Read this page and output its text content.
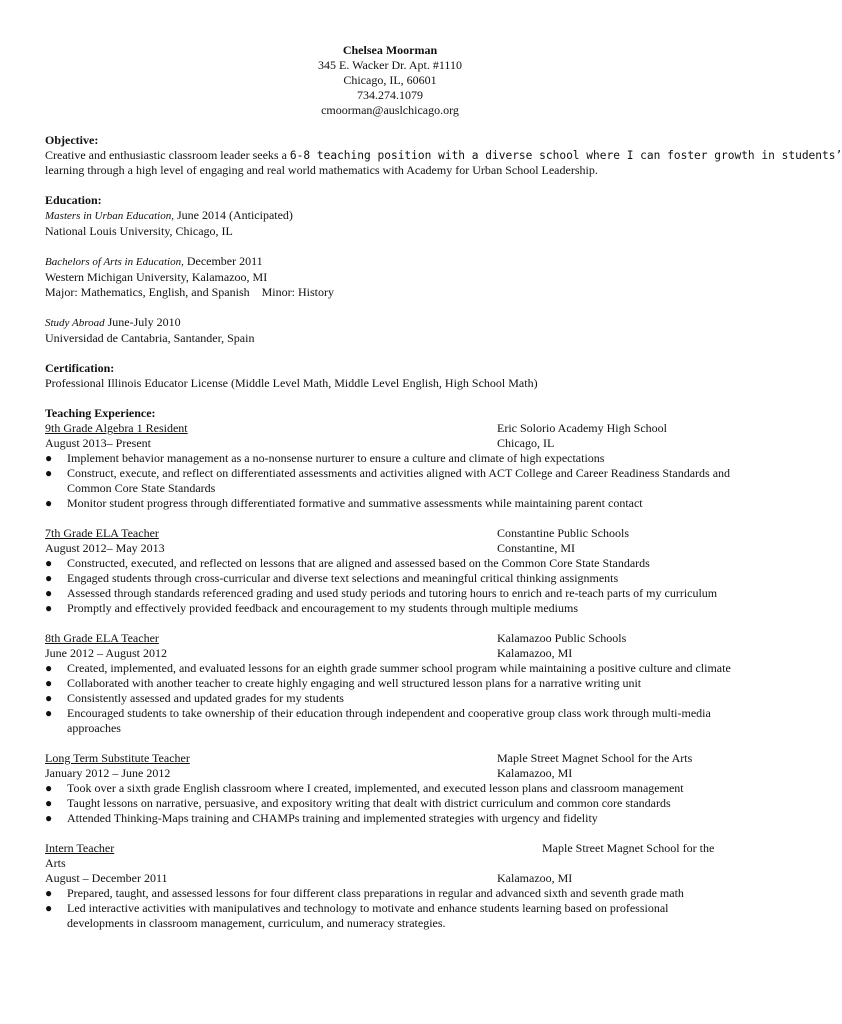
Chelsea Moorman
345 E. Wacker Dr. Apt. #1110
Chicago, IL, 60601
734.274.1079
cmoorman@auslchicago.org
Objective:
Creative and enthusiastic classroom leader seeks a 6-8 teaching position with a diverse school where I can foster growth in students’
learning through a high level of engaging and real world mathematics with Academy for Urban School Leadership.
Education:
Masters in Urban Education, June 2014 (Anticipated)
National Louis University, Chicago, IL
Bachelors of Arts in Education, December 2011
Western Michigan University, Kalamazoo, MI
Major: Mathematics, English, and Spanish    Minor: History
Study Abroad June-July 2010
Universidad de Cantabria, Santander, Spain
Certification:
Professional Illinois Educator License (Middle Level Math, Middle Level English, High School Math)
Teaching Experience:
9th Grade Algebra 1 Resident	Eric Solorio Academy High School
August 2013– Present	Chicago, IL
● Implement behavior management as a no-nonsense nurturer to ensure a culture and climate of high expectations
● Construct, execute, and reflect on differentiated assessments and activities aligned with ACT College and Career Readiness Standards and Common Core State Standards
● Monitor student progress through differentiated formative and summative assessments while maintaining parent contact
7th Grade ELA Teacher	Constantine Public Schools
August 2012– May 2013	Constantine, MI
● Constructed, executed, and reflected on lessons that are aligned and assessed based on the Common Core State Standards
● Engaged students through cross-curricular and diverse text selections and meaningful critical thinking assignments
● Assessed through standards referenced grading and used study periods and tutoring hours to enrich and re-teach parts of my curriculum
● Promptly and effectively provided feedback and encouragement to my students through multiple mediums
8th Grade ELA Teacher	Kalamazoo Public Schools
June 2012 – August 2012	Kalamazoo, MI
● Created, implemented, and evaluated lessons for an eighth grade summer school program while maintaining a positive culture and climate
● Collaborated with another teacher to create highly engaging and well structured lesson plans for a narrative writing unit
● Consistently assessed and updated grades for my students
● Encouraged students to take ownership of their education through independent and cooperative group class work through multi-media approaches
Long Term Substitute Teacher	Maple Street Magnet School for the Arts
January 2012 – June 2012	Kalamazoo, MI
● Took over a sixth grade English classroom where I created, implemented, and executed lesson plans and classroom management
● Taught lessons on narrative, persuasive, and expository writing that dealt with district curriculum and common core standards
● Attended Thinking-Maps training and CHAMPs training and implemented strategies with urgency and fidelity
Intern Teacher	Maple Street Magnet School for the
Arts
August – December 2011	Kalamazoo, MI
● Prepared, taught, and assessed lessons for four different class preparations in regular and advanced sixth and seventh grade math
● Led interactive activities with manipulatives and technology to motivate and enhance students learning based on professional developments in classroom management, curriculum, and numeracy strategies.
